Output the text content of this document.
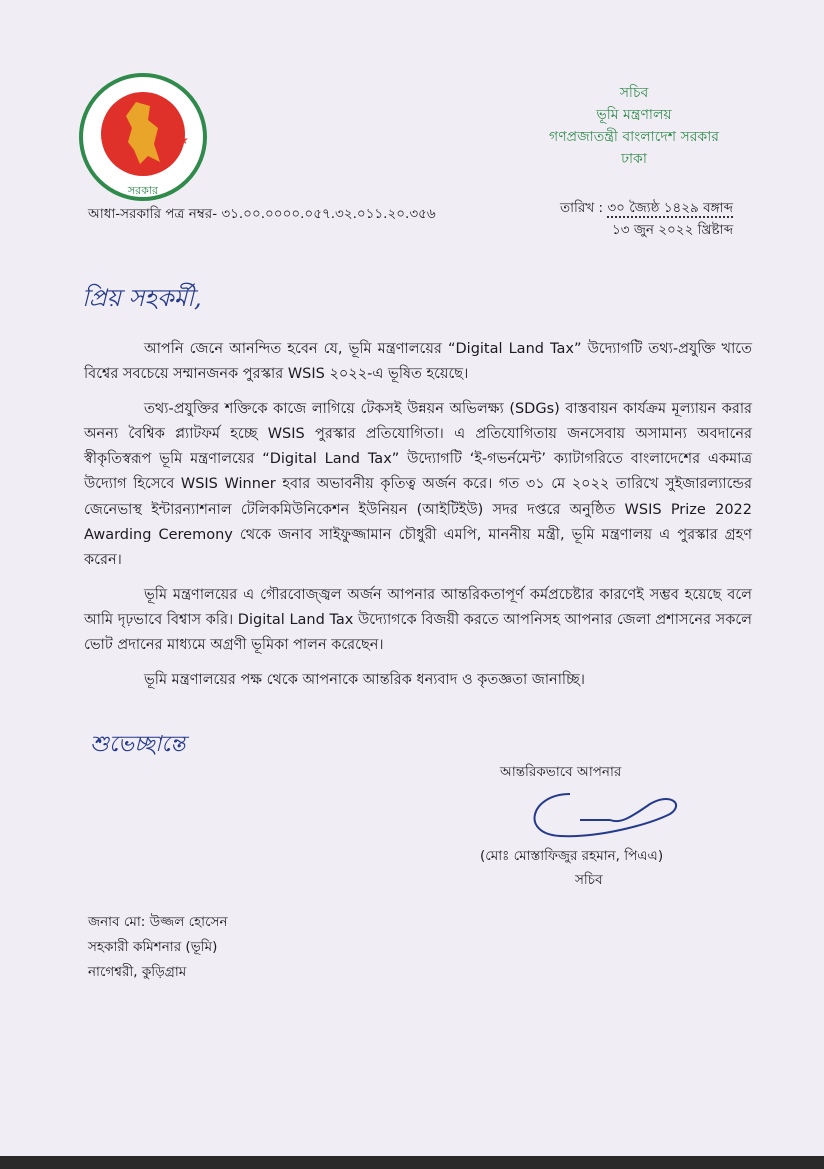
★	★
সরকার
সচিব
ভূমি মন্ত্রণালয়
গণপ্রজাতন্ত্রী বাংলাদেশ সরকার
ঢাকা
আধা-সরকারি পত্র নম্বর- ৩১.০০.০০০০.০৫৭.৩২.০১১.২০.৩৫৬	তারিখ : ৩০ জ্যৈষ্ঠ ১৪২৯ বঙ্গাব্দ
১৩ জুন ২০২২ খ্রিষ্টাব্দ
প্রিয় সহকর্মী,

আপনি জেনে আনন্দিত হবেন যে, ভূমি মন্ত্রণালয়ের “Digital Land Tax” উদ্যোগটি তথ্য-প্রযুক্তি খাতে বিশ্বের সবচেয়ে সম্মানজনক পুরস্কার WSIS ২০২২-এ ভূষিত হয়েছে।

তথ্য-প্রযুক্তির শক্তিকে কাজে লাগিয়ে টেকসই উন্নয়ন অভিলক্ষ্য (SDGs) বাস্তবায়ন কার্যক্রম মূল্যায়ন করার অনন্য বৈশ্বিক প্ল্যাটফর্ম হচ্ছে WSIS পুরস্কার প্রতিযোগিতা। এ প্রতিযোগিতায় জনসেবায় অসামান্য অবদানের স্বীকৃতিস্বরূপ ভূমি মন্ত্রণালয়ের “Digital Land Tax” উদ্যোগটি ‘ই-গভর্নমেন্ট’ ক্যাটাগরিতে বাংলাদেশের একমাত্র উদ্যোগ হিসেবে WSIS Winner হবার অভাবনীয় কৃতিত্ব অর্জন করে। গত ৩১ মে ২০২২ তারিখে সুইজারল্যান্ডের জেনেভাস্থ ইন্টারন্যাশনাল টেলিকমিউনিকেশন ইউনিয়ন (আইটিইউ) সদর দপ্তরে অনুষ্ঠিত WSIS Prize 2022 Awarding Ceremony থেকে জনাব সাইফুজ্জামান চৌধুরী এমপি, মাননীয় মন্ত্রী, ভূমি মন্ত্রণালয় এ পুরস্কার গ্রহণ করেন।

ভূমি মন্ত্রণালয়ের এ গৌরবোজ্জ্বল অর্জন আপনার আন্তরিকতাপূর্ণ কর্মপ্রচেষ্টার কারণেই সম্ভব হয়েছে বলে আমি দৃঢ়ভাবে বিশ্বাস করি। Digital Land Tax উদ্যোগকে বিজয়ী করতে আপনিসহ আপনার জেলা প্রশাসনের সকলে ভোট প্রদানের মাধ্যমে অগ্রণী ভূমিকা পালন করেছেন।

ভূমি মন্ত্রণালয়ের পক্ষ থেকে আপনাকে আন্তরিক ধন্যবাদ ও কৃতজ্ঞতা জানাচ্ছি।

শুভেচ্ছান্তে
আন্তরিকভাবে আপনার
(মোঃ মোস্তাফিজুর রহমান, পিএএ)
সচিব
জনাব মো: উজ্জল হোসেন
সহকারী কমিশনার (ভূমি)
নাগেশ্বরী, কুড়িগ্রাম
